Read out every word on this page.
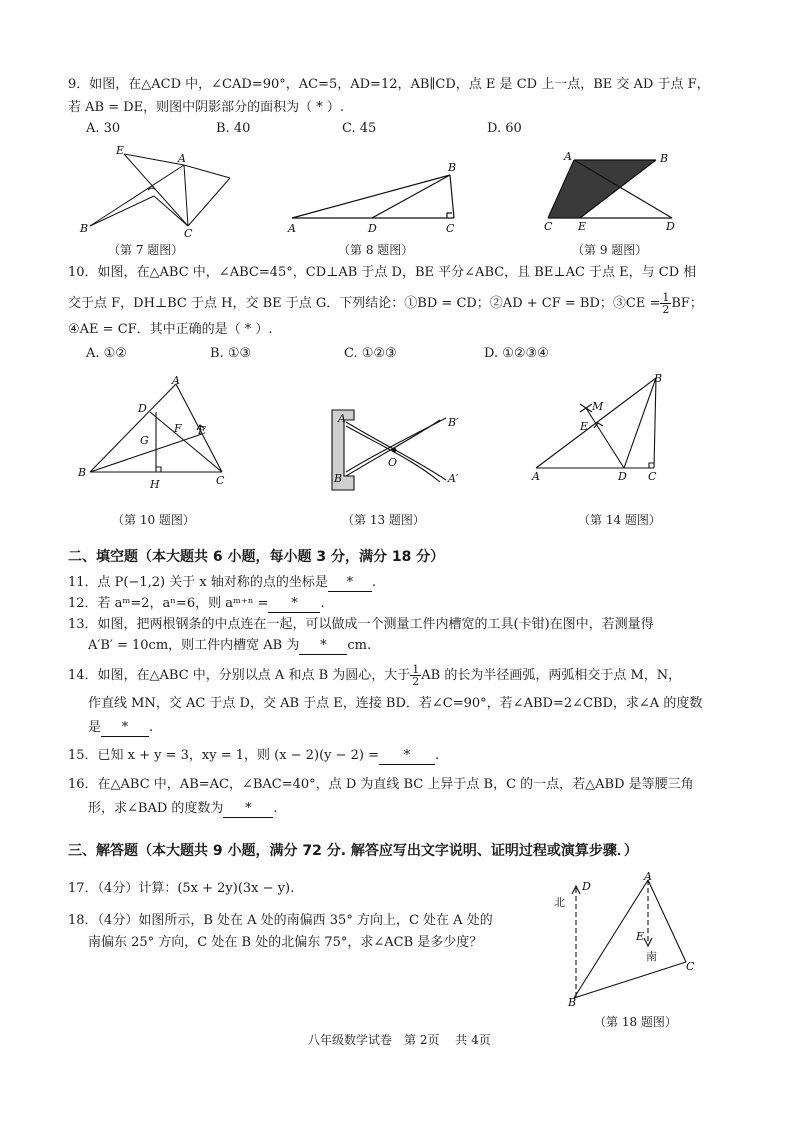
9．如图，在△ACD 中，∠CAD=90°，AC=5，AD=12，AB∥CD，点 E 是 CD 上一点，BE 交 AD 于点 F，
若 AB = DE，则图中阴影部分的面积为（ * ）.
A. 30	B. 40	C. 45	D. 60
E
A
B	C
B
A	D	C
A	B
C E	D
（第 7 题图）	（第 8 题图）	（第 9 题图）
10．如图，在△ABC 中，∠ABC=45°，CD⊥AB 于点 D，BE 平分∠ABC，且 BE⊥AC 于点 E，与 CD 相
交于点 F，DH⊥BC 于点 H，交 BE 于点 G．下列结论：①BD = CD；②AD + CF = BD；③CE = $\frac{1}{2}$ BF；
④AE = CF．其中正确的是（ * ）.
A. ①②	B. ①③	C. ①②③	D. ①②③④
A
D
G
F E
B
H	C
A	B′
O
B	A′
M
E
B
A	D C
（第 10 题图）	（第 13 题图）	（第 14 题图）
二、填空题（本大题共 6 小题，每小题 3 分，满分 18 分）
11．点 P(−1,2) 关于 x 轴对称的点的坐标是 * .
12．若 aᵐ=2，aⁿ=6，则 aᵐ⁺ⁿ = * .
13．如图，把两根钢条的中点连在一起，可以做成一个测量工件内槽宽的工具(卡钳)在图中，若测量得
A′B′ = 10cm，则工件内槽宽 AB 为 * cm.
14．如图，在△ABC 中，分别以点 A 和点 B 为圆心，大于 $\frac{1}{2}$ AB 的长为半径画弧，两弧相交于点 M，N，
作直线 MN，交 AC 于点 D，交 AB 于点 E，连接 BD．若∠C=90°，若∠ABD=2∠CBD，求∠A 的度数
是 * .
15．已知 x + y = 3，xy = 1，则 (x − 2)(y − 2) = * .
16．在△ABC 中，AB=AC，∠BAC=40°，点 D 为直线 BC 上异于点 B，C 的一点，若△ABD 是等腰三角
形，求∠BAD 的度数为 * .
三、解答题（本大题共 9 小题，满分 72 分. 解答应写出文字说明、证明过程或演算步骤．）
17．（4分）计算：(5x + 2y)(3x − y).
18．（4分）如图所示，B 处在 A 处的南偏西 35° 方向上，C 处在 A 处的
南偏东 25° 方向，C 处在 B 处的北偏东 75°，求∠ACB 是多少度？
D
A
E
C
B
北
南
（第 18 题图）
八年级数学试卷　第 2页　 共 4页
